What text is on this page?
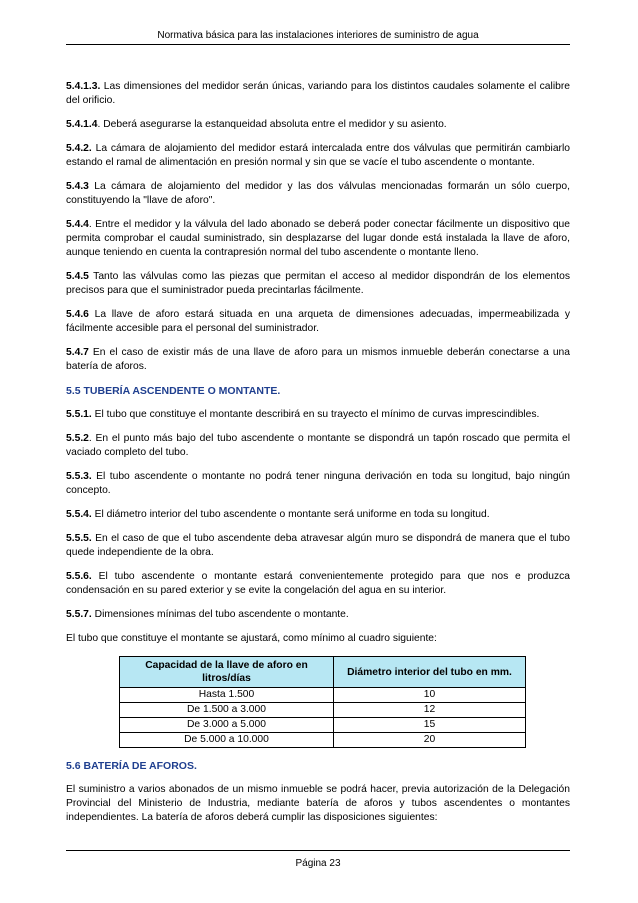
Normativa básica para las instalaciones interiores de suministro de agua

5.4.1.3. Las dimensiones del medidor serán únicas, variando para los distintos caudales solamente el calibre del orificio.

5.4.1.4. Deberá asegurarse la estanqueidad absoluta entre el medidor y su asiento.

5.4.2. La cámara de alojamiento del medidor estará intercalada entre dos válvulas que permitirán cambiarlo estando el ramal de alimentación en presión normal y sin que se vacíe el tubo ascendente o montante.

5.4.3 La cámara de alojamiento del medidor y las dos válvulas mencionadas formarán un sólo cuerpo, constituyendo la "llave de aforo".

5.4.4. Entre el medidor y la válvula del lado abonado se deberá poder conectar fácilmente un dispositivo que permita comprobar el caudal suministrado, sin desplazarse del lugar donde está instalada la llave de aforo, aunque teniendo en cuenta la contrapresión normal del tubo ascendente o montante lleno.

5.4.5 Tanto las válvulas como las piezas que permitan el acceso al medidor dispondrán de los elementos precisos para que el suministrador pueda precintarlas fácilmente.

5.4.6 La llave de aforo estará situada en una arqueta de dimensiones adecuadas, impermeabilizada y fácilmente accesible para el personal del suministrador.

5.4.7 En el caso de existir más de una llave de aforo para un mismos inmueble deberán conectarse a una batería de aforos.

5.5 TUBERÍA ASCENDENTE O MONTANTE.

5.5.1. El tubo que constituye el montante describirá en su trayecto el mínimo de curvas imprescindibles.

5.5.2. En el punto más bajo del tubo ascendente o montante se dispondrá un tapón roscado que permita el vaciado completo del tubo.

5.5.3. El tubo ascendente o montante no podrá tener ninguna derivación en toda su longitud, bajo ningún concepto.

5.5.4. El diámetro interior del tubo ascendente o montante será uniforme en toda su longitud.

5.5.5. En el caso de que el tubo ascendente deba atravesar algún muro se dispondrá de manera que el tubo quede independiente de la obra.

5.5.6. El tubo ascendente o montante estará convenientemente protegido para que nos e produzca condensación en su pared exterior y se evite la congelación del agua en su interior.

5.5.7. Dimensiones mínimas del tubo ascendente o montante.

El tubo que constituye el montante se ajustará, como mínimo al cuadro siguiente:

Capacidad de la llave de aforo en litros/días	Diámetro interior del tubo en mm.
Hasta 1.500	10
De 1.500 a 3.000	12
De 3.000 a 5.000	15
De 5.000 a 10.000	20
5.6 BATERÍA DE AFOROS.

El suministro a varios abonados de un mismo inmueble se podrá hacer, previa autorización de la Delegación Provincial del Ministerio de Industria, mediante batería de aforos y tubos ascendentes o montantes independientes. La batería de aforos deberá cumplir las disposiciones siguientes:

Página 23
